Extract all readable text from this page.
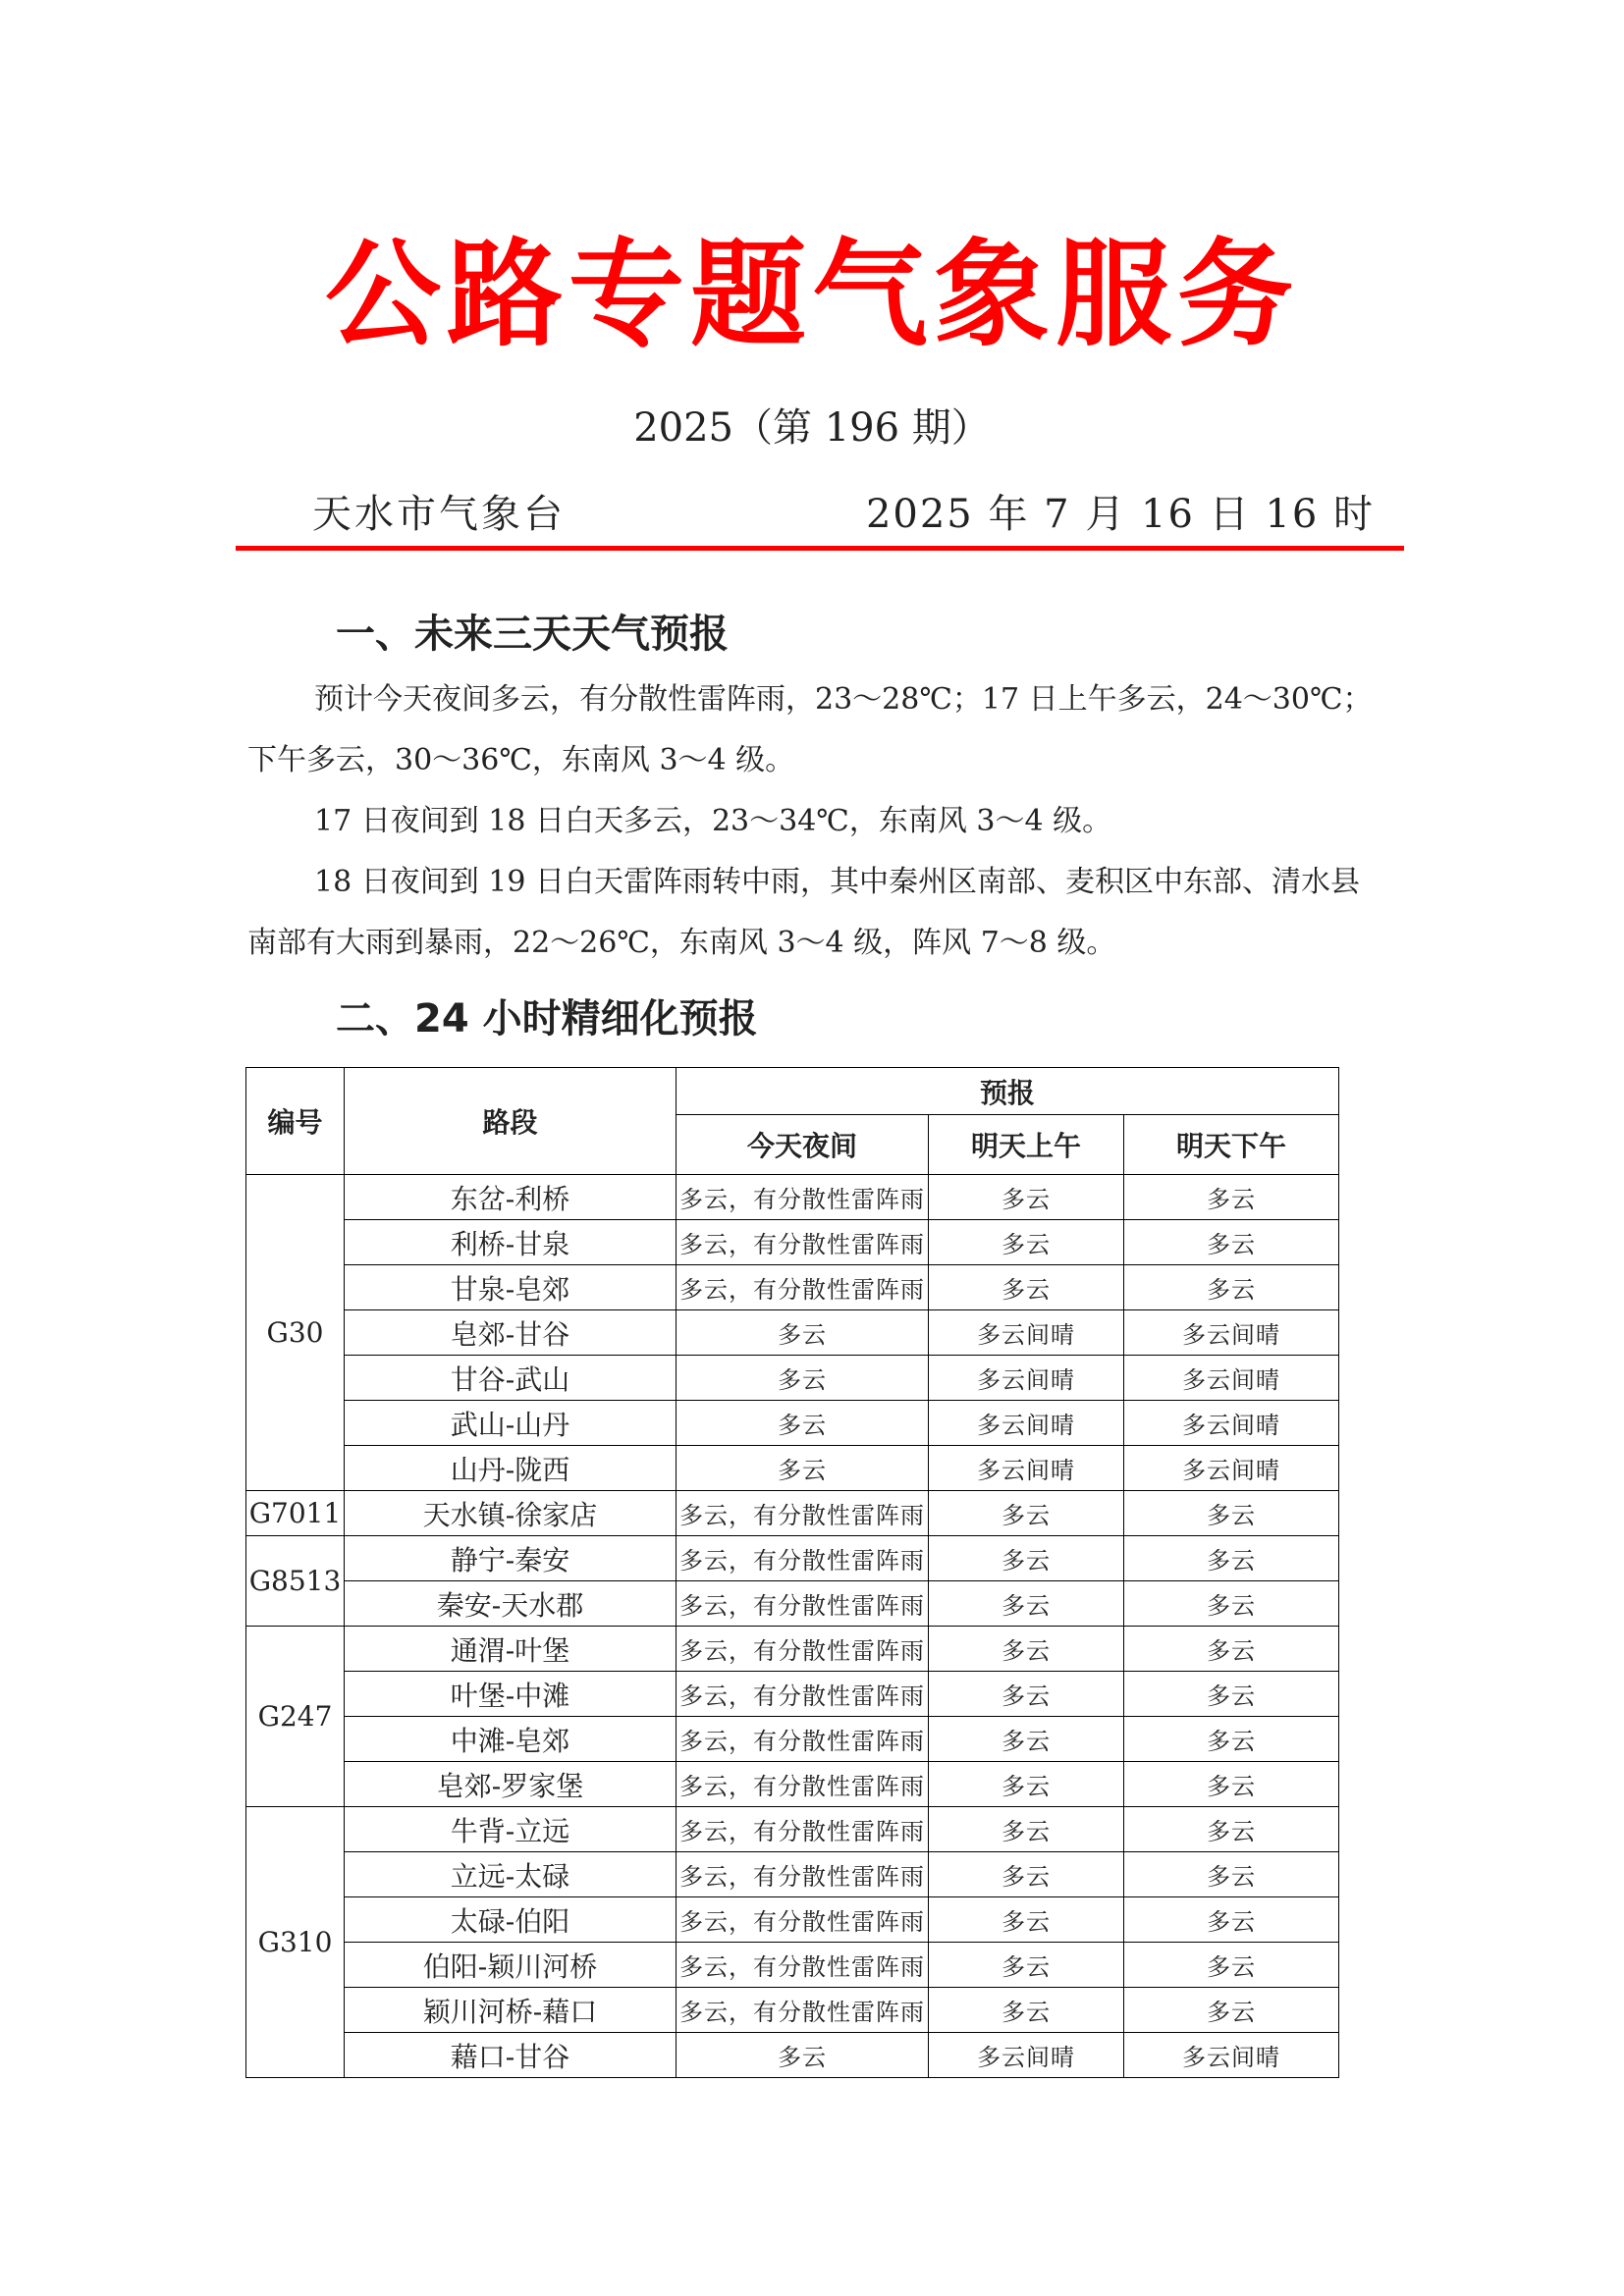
公路专题气象服务
2025（第 196 期）
天水市气象台	2025 年 7 月 16 日 16 时
一、未来三天天气预报
预计今天夜间多云，有分散性雷阵雨，23～28℃；17 日上午多云，24～30℃；下午多云，30～36℃，东南风 3～4 级。
17 日夜间到 18 日白天多云，23～34℃，东南风 3～4 级。
18 日夜间到 19 日白天雷阵雨转中雨，其中秦州区南部、麦积区中东部、清水县南部有大雨到暴雨，22～26℃，东南风 3～4 级，阵风 7～8 级。
二、24 小时精细化预报
编号	路段	预报		
		今天夜间	明天上午	明天下午
G30	东岔-利桥	多云，有分散性雷阵雨	多云	多云
	利桥-甘泉	多云，有分散性雷阵雨	多云	多云
	甘泉-皂郊	多云，有分散性雷阵雨	多云	多云
	皂郊-甘谷	多云	多云间晴	多云间晴
	甘谷-武山	多云	多云间晴	多云间晴
	武山-山丹	多云	多云间晴	多云间晴
	山丹-陇西	多云	多云间晴	多云间晴
G7011	天水镇-徐家店	多云，有分散性雷阵雨	多云	多云
G8513	静宁-秦安	多云，有分散性雷阵雨	多云	多云
	秦安-天水郡	多云，有分散性雷阵雨	多云	多云
G247	通渭-叶堡	多云，有分散性雷阵雨	多云	多云
	叶堡-中滩	多云，有分散性雷阵雨	多云	多云
	中滩-皂郊	多云，有分散性雷阵雨	多云	多云
	皂郊-罗家堡	多云，有分散性雷阵雨	多云	多云
G310	牛背-立远	多云，有分散性雷阵雨	多云	多云
	立远-太碌	多云，有分散性雷阵雨	多云	多云
	太碌-伯阳	多云，有分散性雷阵雨	多云	多云
	伯阳-颖川河桥	多云，有分散性雷阵雨	多云	多云
	颖川河桥-藉口	多云，有分散性雷阵雨	多云	多云
	藉口-甘谷	多云	多云间晴	多云间晴
